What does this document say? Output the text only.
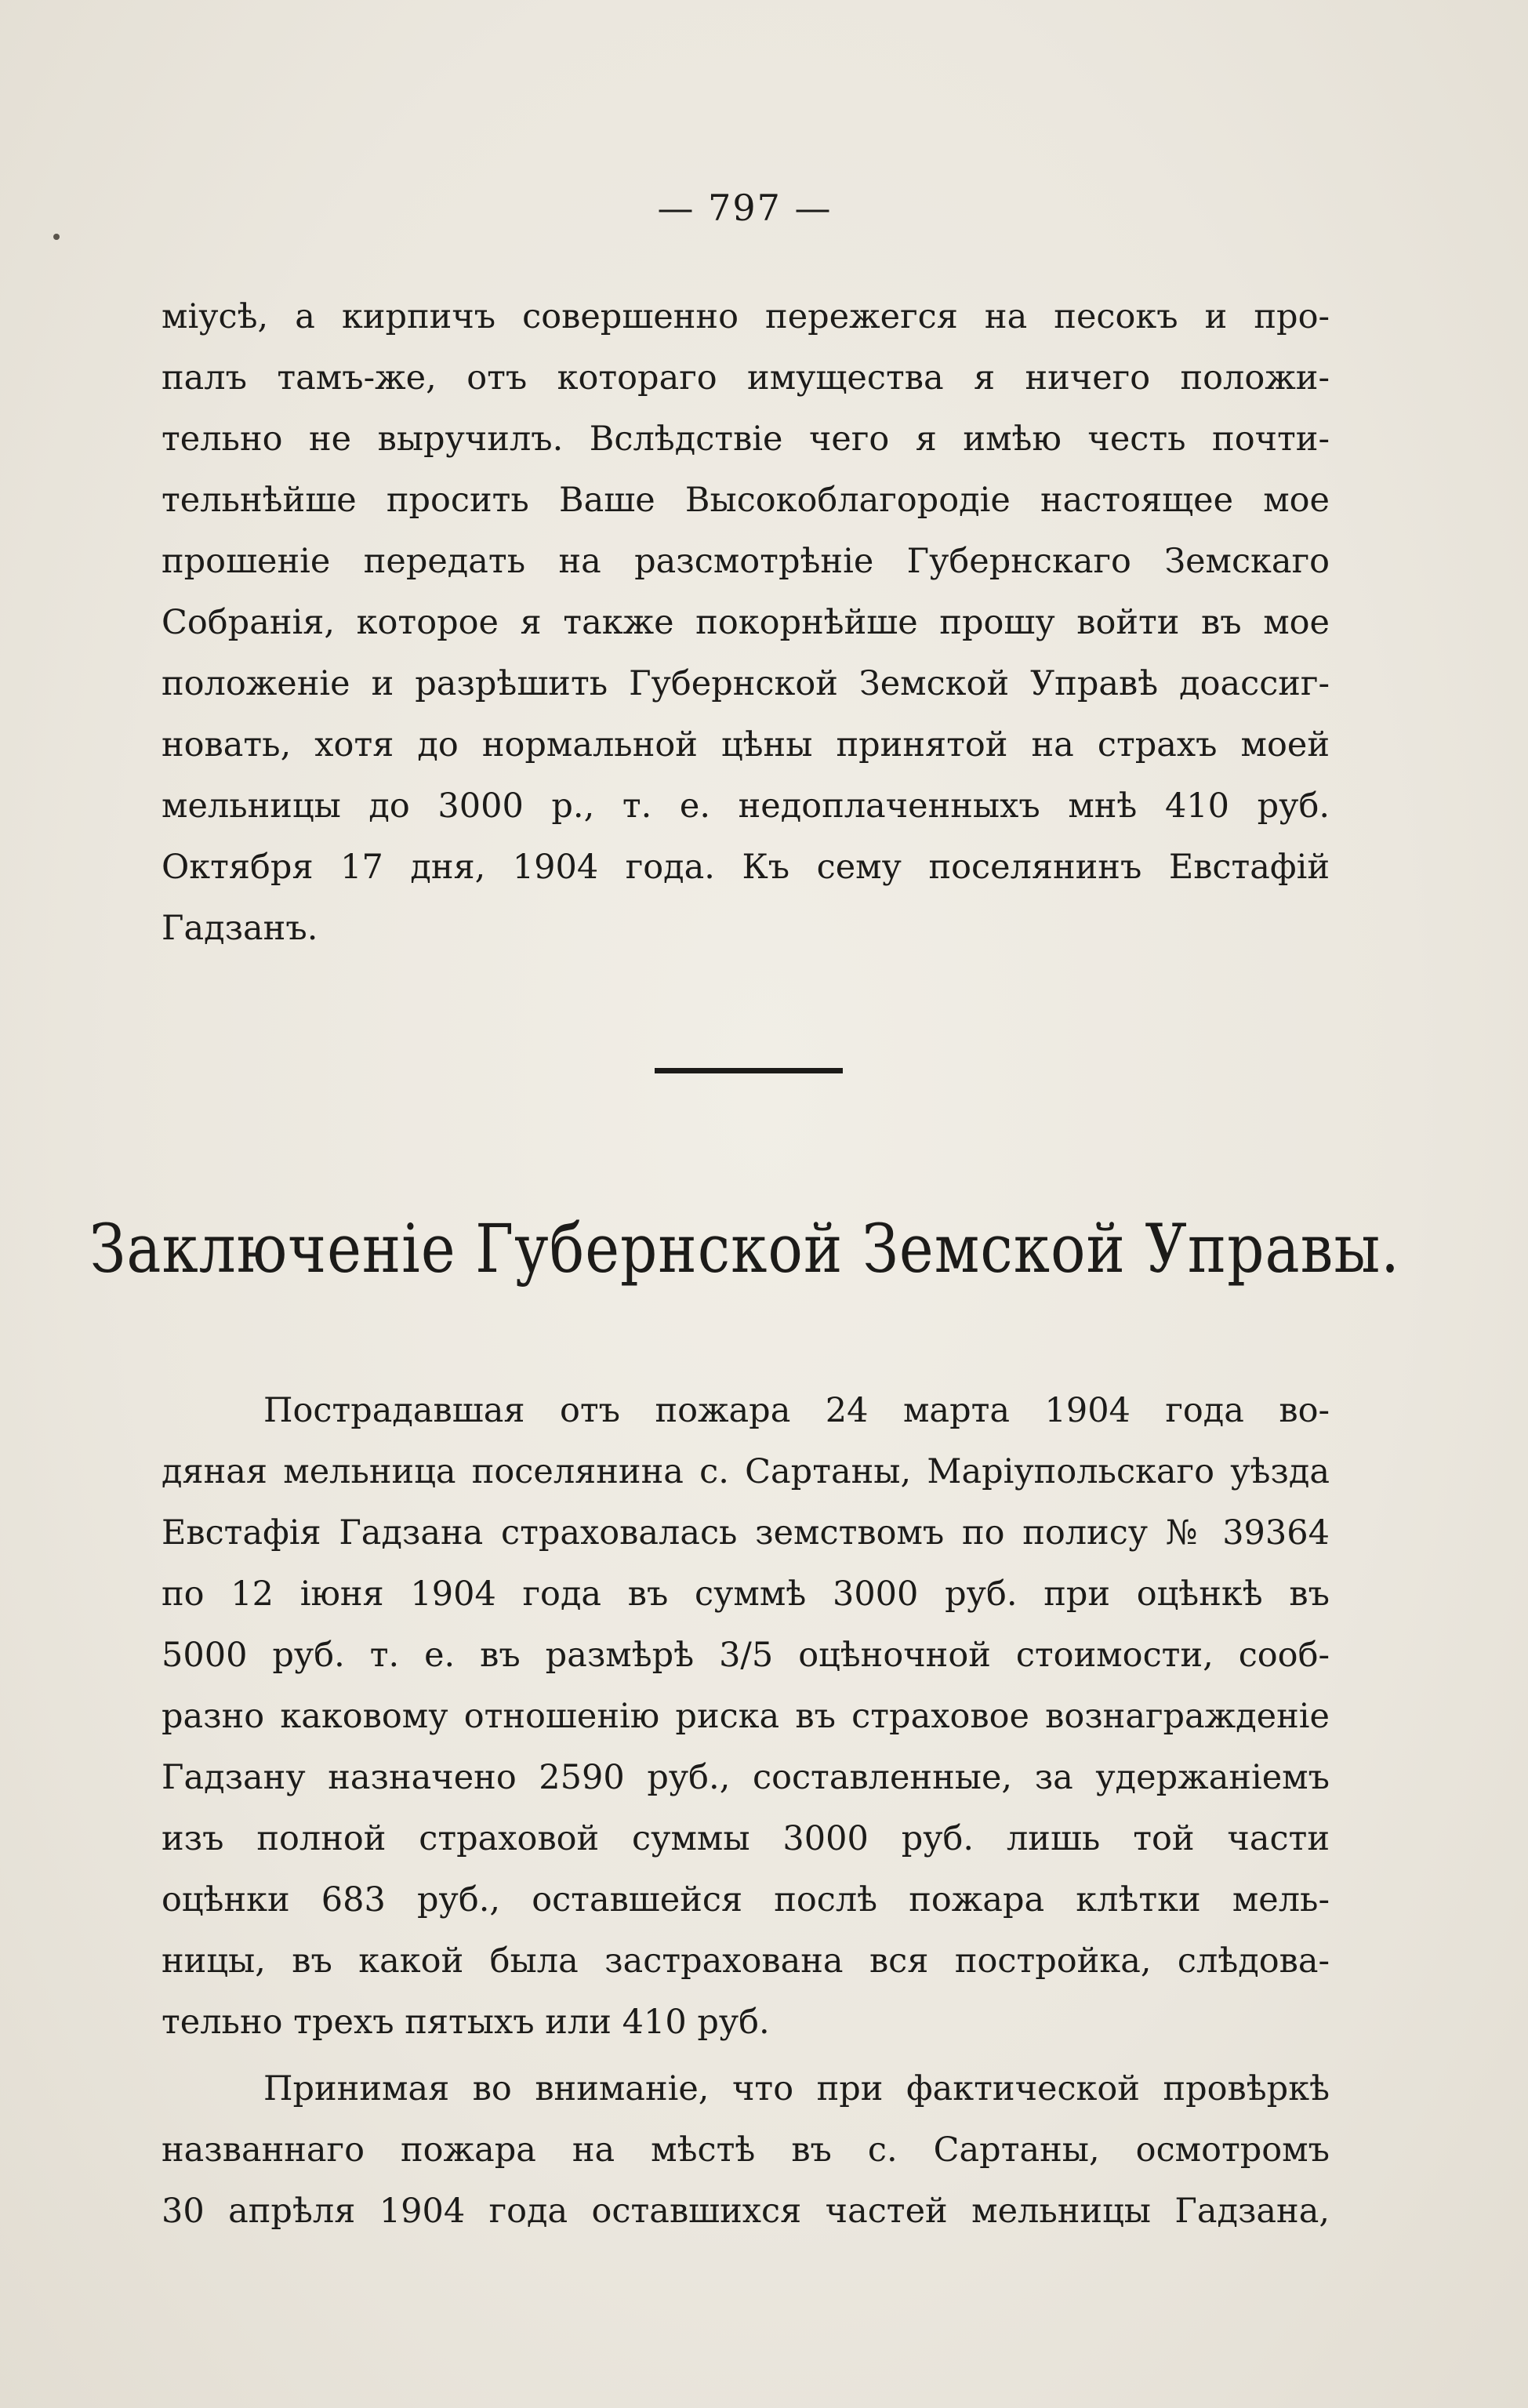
— 797 —
міусѣ, а кирпичъ совершенно пережегся на песокъ и про-
палъ тамъ-же, отъ котораго имущества я ничего положи-
тельно не выручилъ. Вслѣдствіе чего я имѣю честь почти-
тельнѣйше просить Ваше Высокоблагородіе настоящее мое
прошеніе передать на разсмотрѣніе Губернскаго Земскаго
Собранія, которое я также покорнѣйше прошу войти въ мое
положеніе и разрѣшить Губернской Земской Управѣ доассиг-
новать, хотя до нормальной цѣны принятой на страхъ моей
мельницы до 3000 р., т. е. недоплаченныхъ мнѣ 410 руб.
Октября 17 дня, 1904 года. Къ сему поселянинъ Евстафій
Гадзанъ.
Заключеніе Губернской Земской Управы.
Пострадавшая отъ пожара 24 марта 1904 года во-
дяная мельница поселянина с. Сартаны, Маріупольскаго уѣзда
Евстафія Гадзана страховалась земствомъ по полису № 39364
по 12 іюня 1904 года въ суммѣ 3000 руб. при оцѣнкѣ въ
5000 руб. т. е. въ размѣрѣ 3/5 оцѣночной стоимости, сооб-
разно каковому отношенію риска въ страховое вознагражденіе
Гадзану назначено 2590 руб., составленные, за удержаніемъ
изъ полной страховой суммы 3000 руб. лишь той части
оцѣнки 683 руб., оставшейся послѣ пожара клѣтки мель-
ницы, въ какой была застрахована вся постройка, слѣдова-
тельно трехъ пятыхъ или 410 руб.
Принимая во вниманіе, что при фактической провѣркѣ
названнаго пожара на мѣстѣ въ с. Сартаны, осмотромъ
30 апрѣля 1904 года оставшихся частей мельницы Гадзана,
